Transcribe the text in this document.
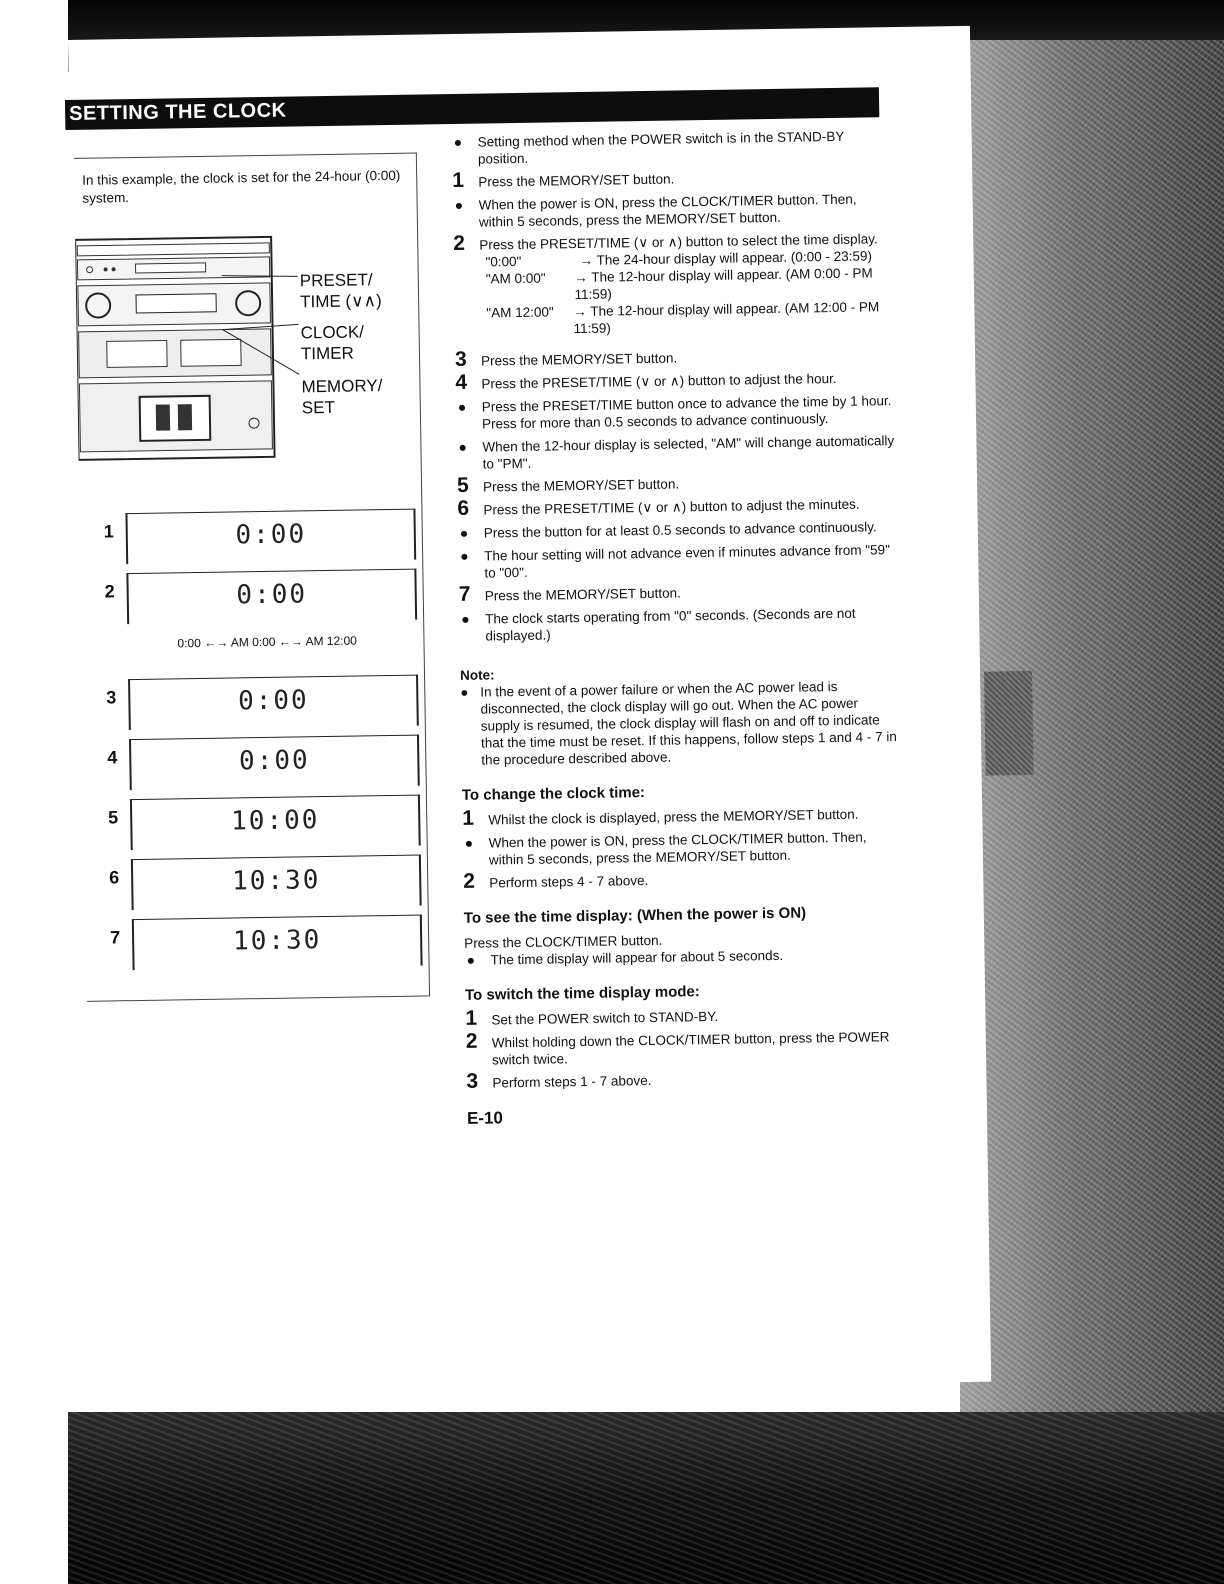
SETTING THE CLOCK
In this example, the clock is set for the 24-hour (0:00) system.
PRESET/
TIME (∨∧)
CLOCK/
TIMER
MEMORY/
SET
1	0:00
2	0:00
0:00 ←→ AM 0:00 ←→ AM 12:00
3	0:00
4	0:00
5	10:00
6	10:30
7	10:30
● Setting method when the POWER switch is in the STAND-BY position.
1 Press the MEMORY/SET button.
● When the power is ON, press the CLOCK/TIMER button. Then, within 5 seconds, press the MEMORY/SET button.
2 Press the PRESET/TIME (∨ or ∧) button to select the time display.
"0:00"	→ The 24-hour display will appear. (0:00 - 23:59)
"AM 0:00"	→ The 12-hour display will appear. (AM 0:00 - PM 11:59)
"AM 12:00"	→ The 12-hour display will appear. (AM 12:00 - PM 11:59)
3 Press the MEMORY/SET button.
4 Press the PRESET/TIME (∨ or ∧) button to adjust the hour.
● Press the PRESET/TIME button once to advance the time by 1 hour. Press for more than 0.5 seconds to advance continuously.
● When the 12-hour display is selected, "AM" will change automatically to "PM".
5 Press the MEMORY/SET button.
6 Press the PRESET/TIME (∨ or ∧) button to adjust the minutes.
● Press the button for at least 0.5 seconds to advance continuously.
● The hour setting will not advance even if minutes advance from "59" to "00".
7 Press the MEMORY/SET button.
● The clock starts operating from "0" seconds. (Seconds are not displayed.)
Note:
● In the event of a power failure or when the AC power lead is disconnected, the clock display will go out. When the AC power supply is resumed, the clock display will flash on and off to indicate that the time must be reset. If this happens, follow steps 1 and 4 - 7 in the procedure described above.
To change the clock time:
1 Whilst the clock is displayed, press the MEMORY/SET button.
● When the power is ON, press the CLOCK/TIMER button. Then, within 5 seconds, press the MEMORY/SET button.
2 Perform steps 4 - 7 above.
To see the time display: (When the power is ON)
Press the CLOCK/TIMER button.
● The time display will appear for about 5 seconds.
To switch the time display mode:
1 Set the POWER switch to STAND-BY.
2 Whilst holding down the CLOCK/TIMER button, press the POWER switch twice.
3 Perform steps 1 - 7 above.
E-10
